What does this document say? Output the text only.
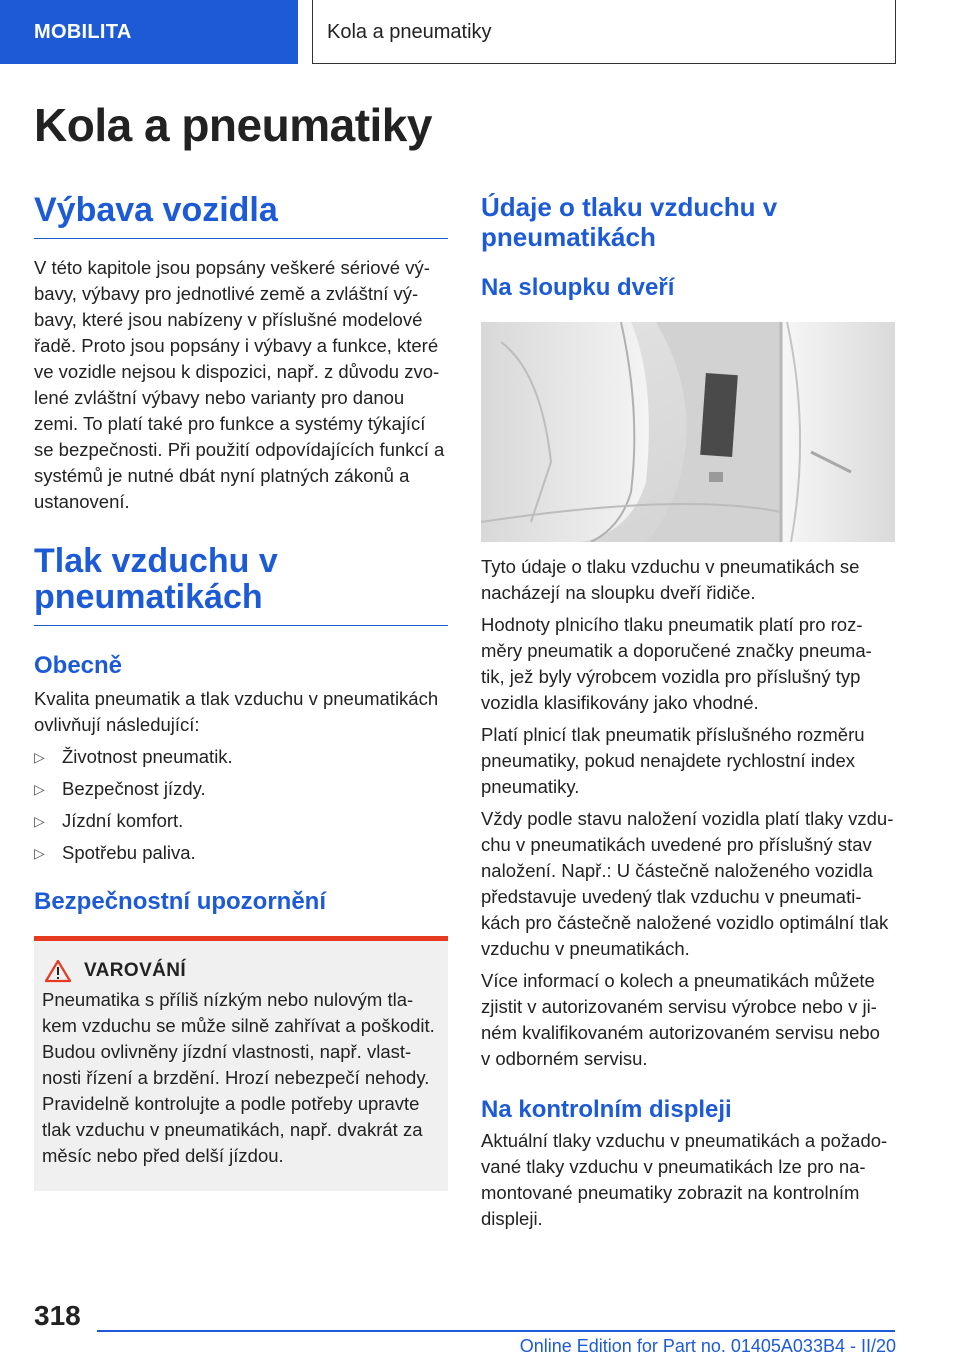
MOBILITA	Kola a pneumatiky
Kola a pneumatiky
Výbava vozidla
V této kapitole jsou popsány veškeré sériové vý-
bavy, výbavy pro jednotlivé země a zvláštní vý-
bavy, které jsou nabízeny v příslušné modelové
řadě. Proto jsou popsány i výbavy a funkce, které
ve vozidle nejsou k dispozici, např. z důvodu zvo-
lené zvláštní výbavy nebo varianty pro danou
zemi. To platí také pro funkce a systémy týkající
se bezpečnosti. Při použití odpovídajících funkcí a
systémů je nutné dbát nyní platných zákonů a
ustanovení.
Tlak vzduchu v
pneumatikách
Obecně
Kvalita pneumatik a tlak vzduchu v pneumatikách
ovlivňují následující:
▷ Životnost pneumatik.
▷ Bezpečnost jízdy.
▷ Jízdní komfort.
▷ Spotřebu paliva.
Bezpečnostní upozornění
VAROVÁNÍ
Pneumatika s příliš nízkým nebo nulovým tla-
kem vzduchu se může silně zahřívat a poškodit.
Budou ovlivněny jízdní vlastnosti, např. vlast-
nosti řízení a brzdění. Hrozí nebezpečí nehody.
Pravidelně kontrolujte a podle potřeby upravte
tlak vzduchu v pneumatikách, např. dvakrát za
měsíc nebo před delší jízdou.
Údaje o tlaku vzduchu v
pneumatikách
Na sloupku dveří
Tyto údaje o tlaku vzduchu v pneumatikách se
nacházejí na sloupku dveří řidiče.
Hodnoty plnicího tlaku pneumatik platí pro roz-
měry pneumatik a doporučené značky pneuma-
tik, jež byly výrobcem vozidla pro příslušný typ
vozidla klasifikovány jako vhodné.
Platí plnicí tlak pneumatik příslušného rozměru
pneumatiky, pokud nenajdete rychlostní index
pneumatiky.
Vždy podle stavu naložení vozidla platí tlaky vzdu-
chu v pneumatikách uvedené pro příslušný stav
naložení. Např.: U částečně naloženého vozidla
představuje uvedený tlak vzduchu v pneumati-
kách pro částečně naložené vozidlo optimální tlak
vzduchu v pneumatikách.
Více informací o kolech a pneumatikách můžete
zjistit v autorizovaném servisu výrobce nebo v ji-
ném kvalifikovaném autorizovaném servisu nebo
v odborném servisu.
Na kontrolním displeji
Aktuální tlaky vzduchu v pneumatikách a požado-
vané tlaky vzduchu v pneumatikách lze pro na-
montované pneumatiky zobrazit na kontrolním
displeji.
318
Online Edition for Part no. 01405A033B4 - II/20
